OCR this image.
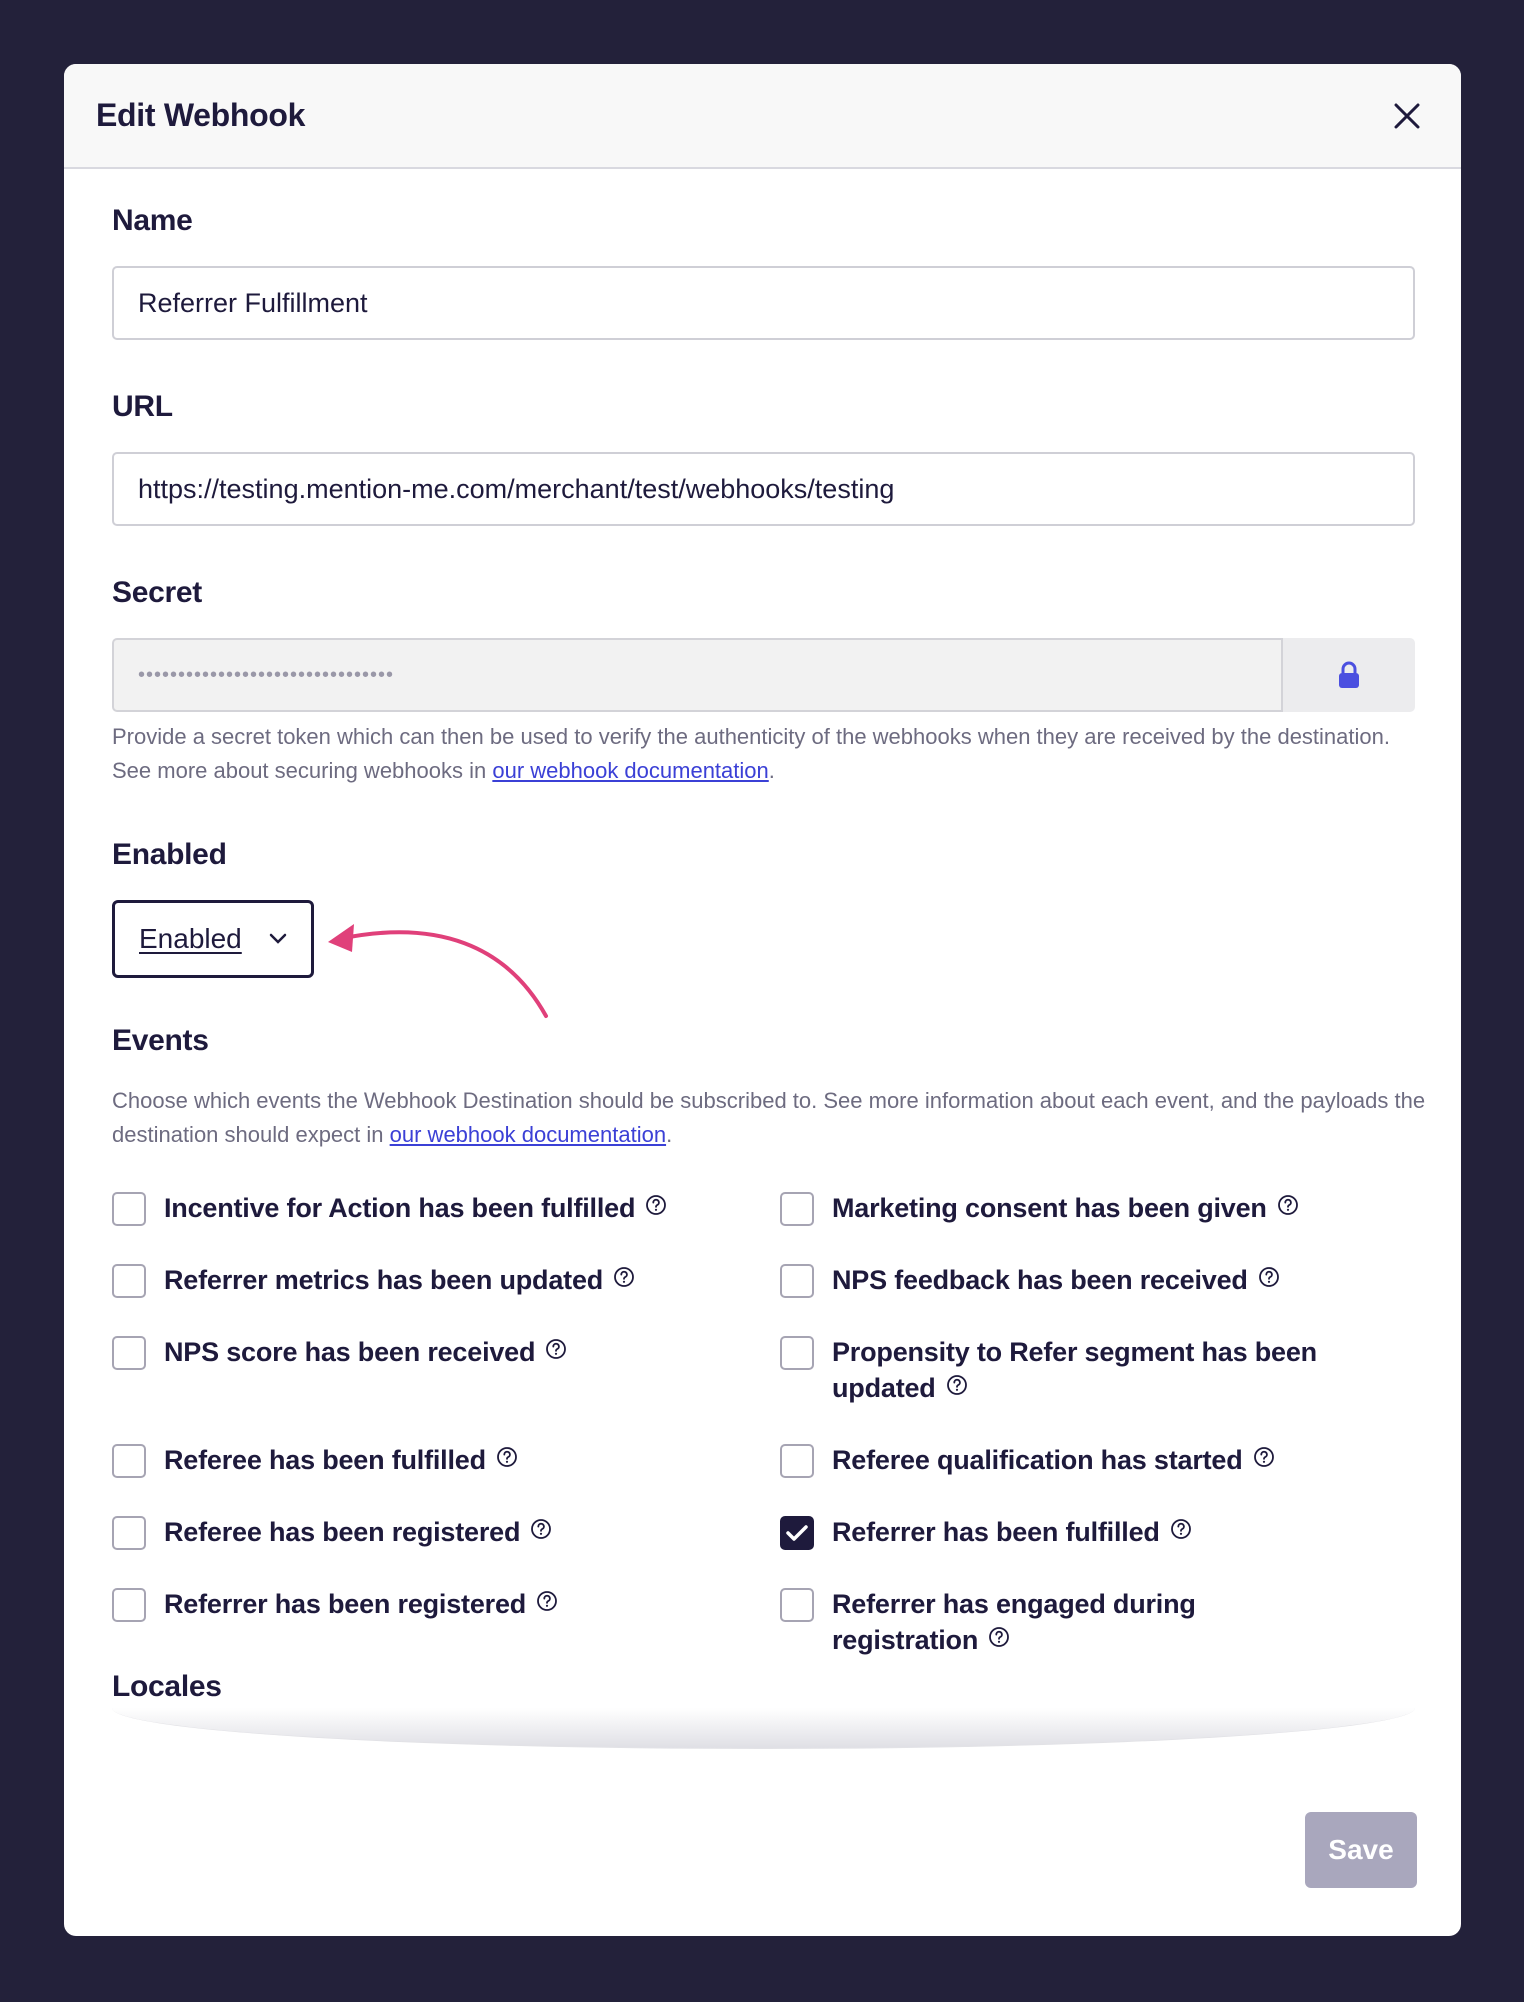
Edit Webhook
Name
Referrer Fulfillment
URL
https://testing.mention-me.com/merchant/test/webhooks/testing
Secret
••••••••••••••••••••••••••••••••
Provide a secret token which can then be used to verify the authenticity of the webhooks when they are received by the destination. See more about securing webhooks in our webhook documentation.
Enabled
Enabled
Events
Choose which events the Webhook Destination should be subscribed to. See more information about each event, and the payloads the destination should expect in our webhook documentation.
Incentive for Action has been fulfilled	Marketing consent has been given
Referrer metrics has been updated	NPS feedback has been received
NPS score has been received	Propensity to Refer segment has been updated
Referee has been fulfilled	Referee qualification has started
Referee has been registered	Referrer has been fulfilled
Referrer has been registered	Referrer has engaged during registration
Locales
Save
